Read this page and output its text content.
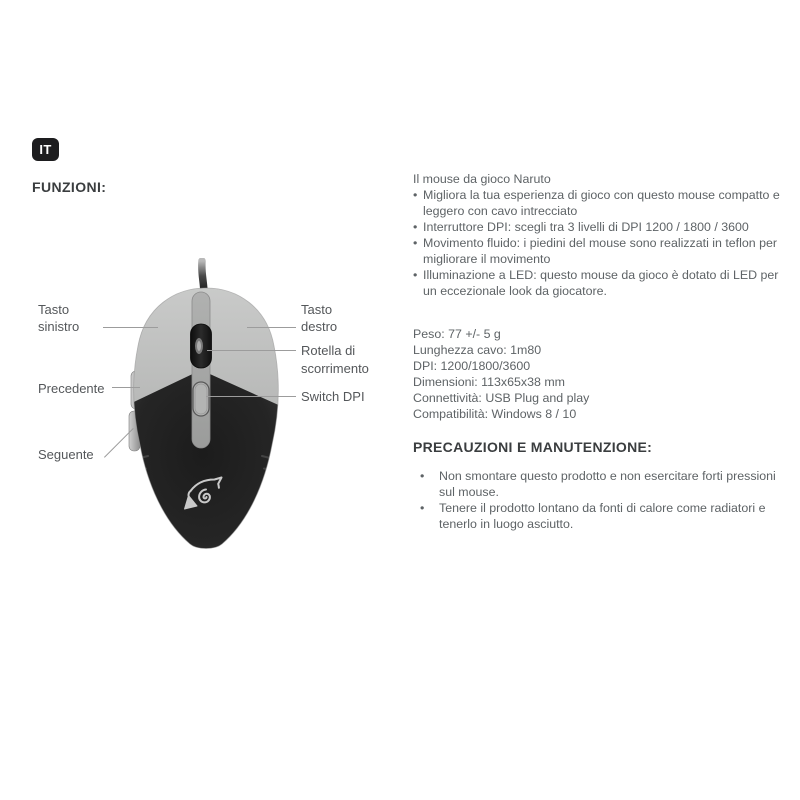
IT
FUNZIONI:
Tasto sinistro
Tasto destro
Rotella di scorrimento
Switch DPI
Precedente
Seguente

Il mouse da gioco Naruto

• Migliora la tua esperienza di gioco con questo mouse compatto e leggero con cavo intrecciato
• Interruttore DPI: scegli tra 3 livelli di DPI 1200 / 1800 / 3600
• Movimento fluido: i piedini del mouse sono realizzati in teflon per migliorare il movimento
• Illuminazione a LED: questo mouse da gioco è dotato di LED per un eccezionale look da giocatore.

Peso: 77 +/- 5 g

Lunghezza cavo: 1m80

DPI: 1200/1800/3600

Dimensioni: 113x65x38 mm

Connettività: USB Plug and play

Compatibilità: Windows 8 / 10

PRECAUZIONI E MANUTENZIONE:
• Non smontare questo prodotto e non esercitare forti pressioni sul mouse.
• Tenere il prodotto lontano da fonti di calore come radiatori e tenerlo in luogo asciutto.
